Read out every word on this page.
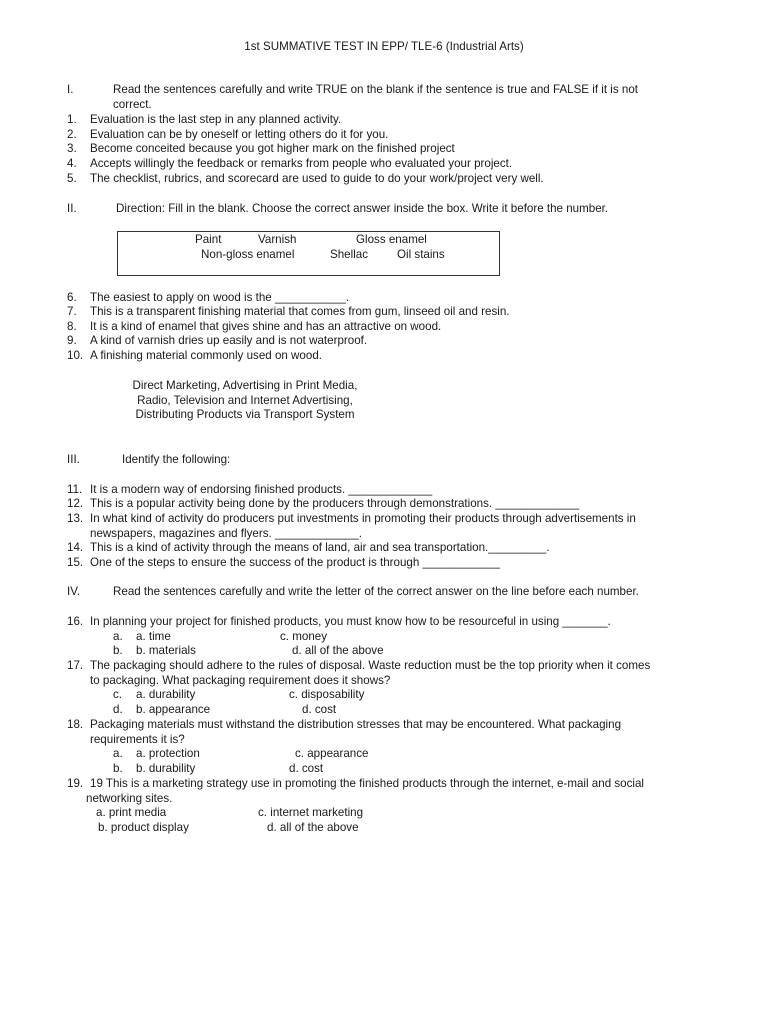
1st SUMMATIVE TEST IN EPP/ TLE-6 (Industrial Arts)
I.	Read the sentences carefully and write TRUE on the blank if the sentence is true and FALSE if it is not
correct.
1. Evaluation is the last step in any planned activity.
2. Evaluation can be by oneself or letting others do it for you.
3. Become conceited because you got higher mark on the finished project
4. Accepts willingly the feedback or remarks from people who evaluated your project.
5. The checklist, rubrics, and scorecard are used to guide to do your work/project very well.
II.	Direction: Fill in the blank. Choose the correct answer inside the box. Write it before the number.
Paint	Varnish	Gloss enamel
Non-gloss enamel	Shellac Oil stains
6. The easiest to apply on wood is the ___________.
7. This is a transparent finishing material that comes from gum, linseed oil and resin.
8. It is a kind of enamel that gives shine and has an attractive on wood.
9. A kind of varnish dries up easily and is not waterproof.
10. A finishing material commonly used on wood.
Direct Marketing, Advertising in Print Media,
Radio, Television and Internet Advertising,
Distributing Products via Transport System
III.	Identify the following:
11. It is a modern way of endorsing finished products. _____________
12. This is a popular activity being done by the producers through demonstrations. _____________
13. In what kind of activity do producers put investments in promoting their products through advertisements in
newspapers, magazines and flyers. _____________.
14. This is a kind of activity through the means of land, air and sea transportation._________.
15. One of the steps to ensure the success of the product is through ____________
IV.	Read the sentences carefully and write the letter of the correct answer on the line before each number.
16. In planning your project for finished products, you must know how to be resourceful in using _______.
a. a. time	c. money
b. b. materials	d. all of the above
17. The packaging should adhere to the rules of disposal. Waste reduction must be the top priority when it comes
to packaging. What packaging requirement does it shows?
c. a. durability	c. disposability
d. b. appearance	d. cost
18. Packaging materials must withstand the distribution stresses that may be encountered. What packaging
requirements it is?
a. a. protection	c. appearance
b. b. durability	d. cost
19. 19 This is a marketing strategy use in promoting the finished products through the internet, e-mail and social
networking sites.
a. print media	c. internet marketing
b. product display	d. all of the above
